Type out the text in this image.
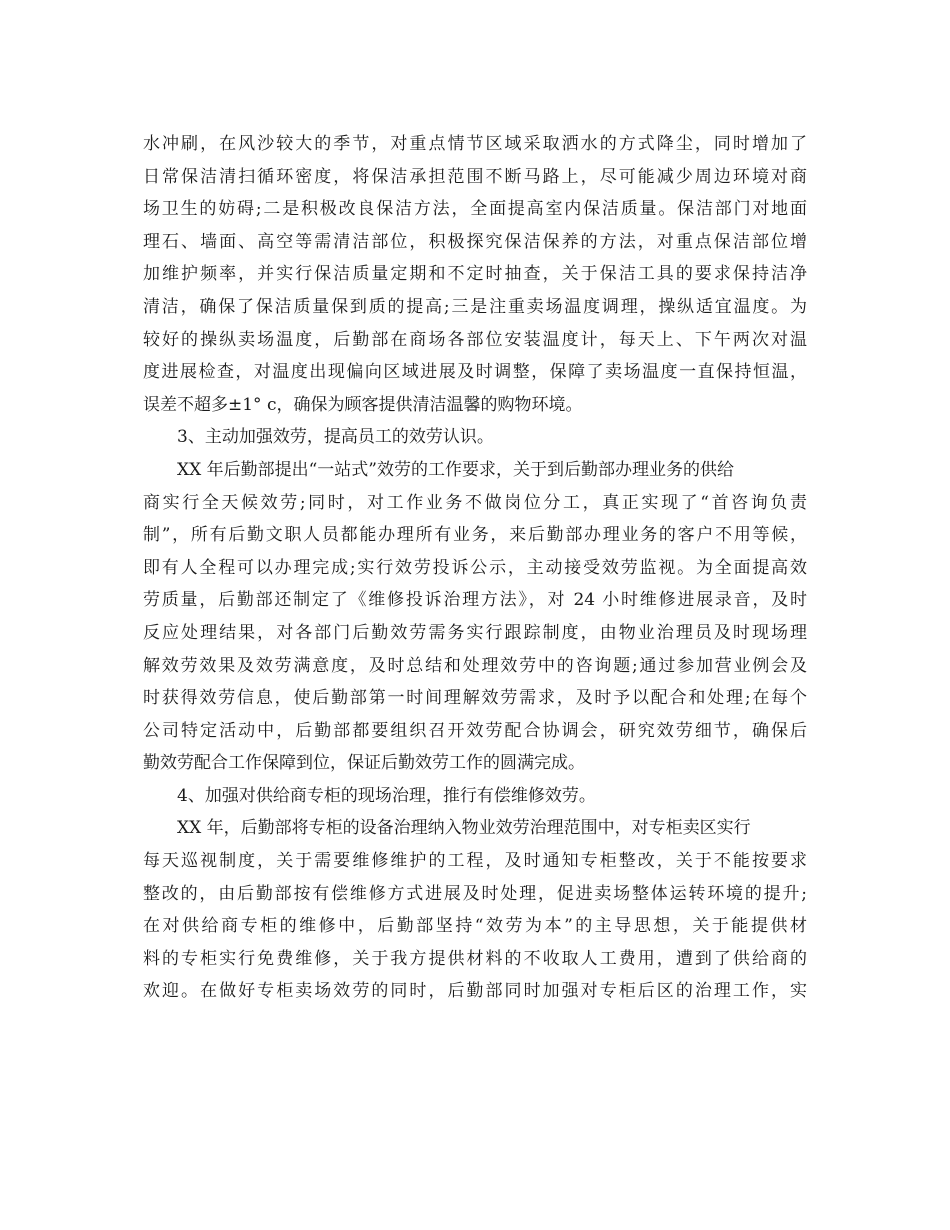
水冲刷，在风沙较大的季节，对重点情节区域采取洒水的方式降尘，同时增加了
日常保洁清扫循环密度，将保洁承担范围不断马路上，尽可能减少周边环境对商
场卫生的妨碍;二是积极改良保洁方法，全面提高室内保洁质量。保洁部门对地面
理石、墙面、高空等需清洁部位，积极探究保洁保养的方法，对重点保洁部位增
加维护频率，并实行保洁质量定期和不定时抽查，关于保洁工具的要求保持洁净
清洁，确保了保洁质量保到质的提高;三是注重卖场温度调理，操纵适宜温度。为
较好的操纵卖场温度，后勤部在商场各部位安装温度计，每天上、下午两次对温
度进展检查，对温度出现偏向区域进展及时调整，保障了卖场温度一直保持恒温，
误差不超多±1° c，确保为顾客提供清洁温馨的购物环境。
3、主动加强效劳，提高员工的效劳认识。
XX 年后勤部提出“一站式”效劳的工作要求，关于到后勤部办理业务的供给
商实行全天候效劳;同时，对工作业务不做岗位分工，真正实现了“首咨询负责
制”，所有后勤文职人员都能办理所有业务，来后勤部办理业务的客户不用等候，
即有人全程可以办理完成;实行效劳投诉公示，主动接受效劳监视。为全面提高效
劳质量，后勤部还制定了《维修投诉治理方法》，对 24 小时维修进展录音，及时
反应处理结果，对各部门后勤效劳需务实行跟踪制度，由物业治理员及时现场理
解效劳效果及效劳满意度，及时总结和处理效劳中的咨询题;通过参加营业例会及
时获得效劳信息，使后勤部第一时间理解效劳需求，及时予以配合和处理;在每个
公司特定活动中，后勤部都要组织召开效劳配合协调会，研究效劳细节，确保后
勤效劳配合工作保障到位，保证后勤效劳工作的圆满完成。
4、加强对供给商专柜的现场治理，推行有偿维修效劳。
XX 年，后勤部将专柜的设备治理纳入物业效劳治理范围中，对专柜卖区实行
每天巡视制度，关于需要维修维护的工程，及时通知专柜整改，关于不能按要求
整改的，由后勤部按有偿维修方式进展及时处理，促进卖场整体运转环境的提升;
在对供给商专柜的维修中，后勤部坚持“效劳为本”的主导思想，关于能提供材
料的专柜实行免费维修，关于我方提供材料的不收取人工费用，遭到了供给商的
欢迎。在做好专柜卖场效劳的同时，后勤部同时加强对专柜后区的治理工作，实
